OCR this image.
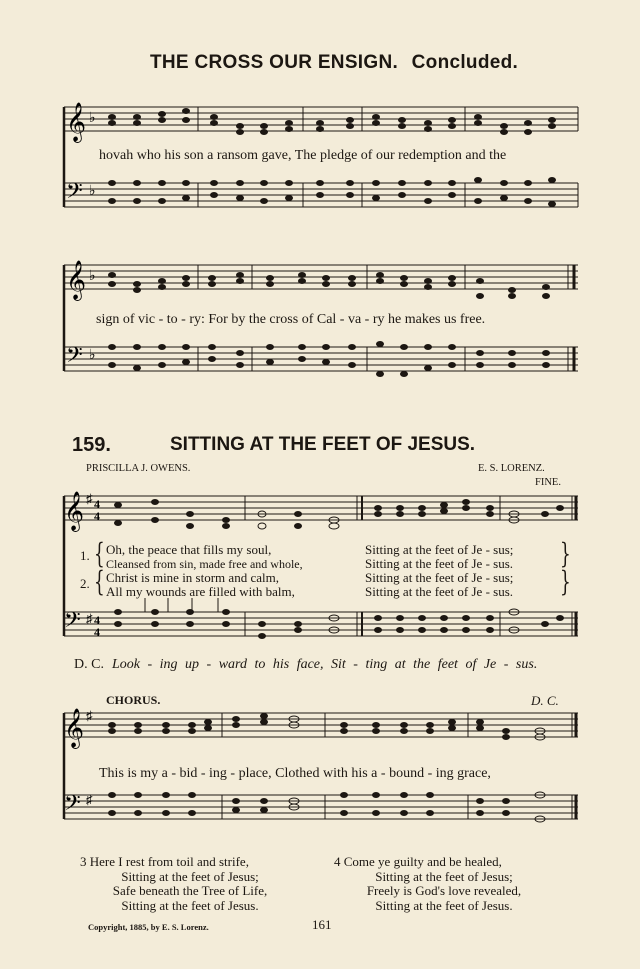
THE CROSS OUR ENSIGN. Concluded.
𝄞 ♭
𝄢 ♭
hovah who his son a ransom gave, The pledge of our redemption and the
𝄞 ♭
𝄢 ♭
sign of vic - to - ry: For by the cross of Cal - va - ry he makes us free.
159.	SITTING AT THE FEET OF JESUS.
PRISCILLA J. OWENS.	E. S. LORENZ.
FINE.
𝄞 ♯ 4
4
𝄢 ♯ 4
4
1.
2.
{
{
Oh, the peace that fills my soul,	Sitting at the feet of Je - sus;
Cleansed from sin, made free and whole,	Sitting at the feet of Je - sus.
Christ is mine in storm and calm,	Sitting at the feet of Je - sus;
All my wounds are filled with balm,	Sitting at the feet of Je - sus.
}
}
D. C. Look - ing up - ward to his face, Sit - ting at the feet of Je - sus.
CHORUS.	D. C.
𝄞 ♯
𝄢 ♯
This is my a - bid - ing - place, Clothed with his a - bound - ing grace,
3 Here I rest from toil and strife,
Sitting at the feet of Jesus;
Safe beneath the Tree of Life,
Sitting at the feet of Jesus.
4 Come ye guilty and be healed,
Sitting at the feet of Jesus;
Freely is God's love revealed,
Sitting at the feet of Jesus.
Copyright, 1885, by E. S. Lorenz.	161
